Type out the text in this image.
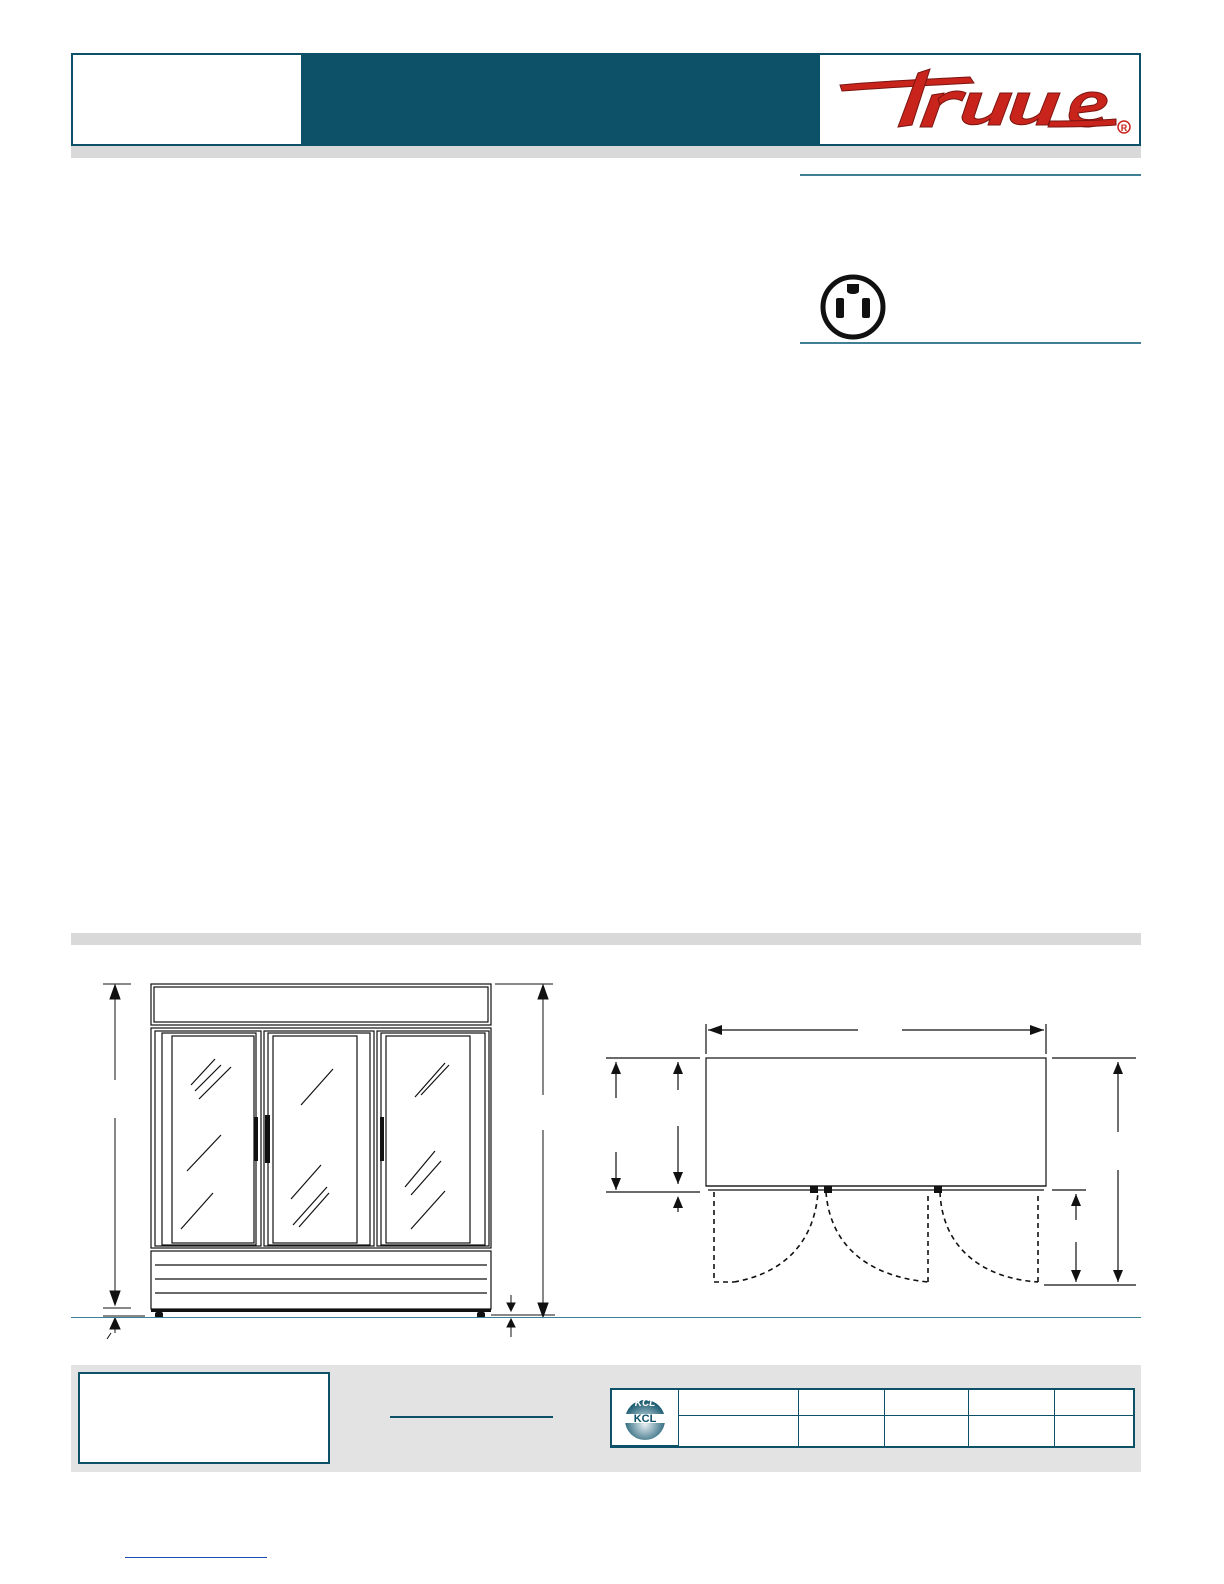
R
KCL
KCL
